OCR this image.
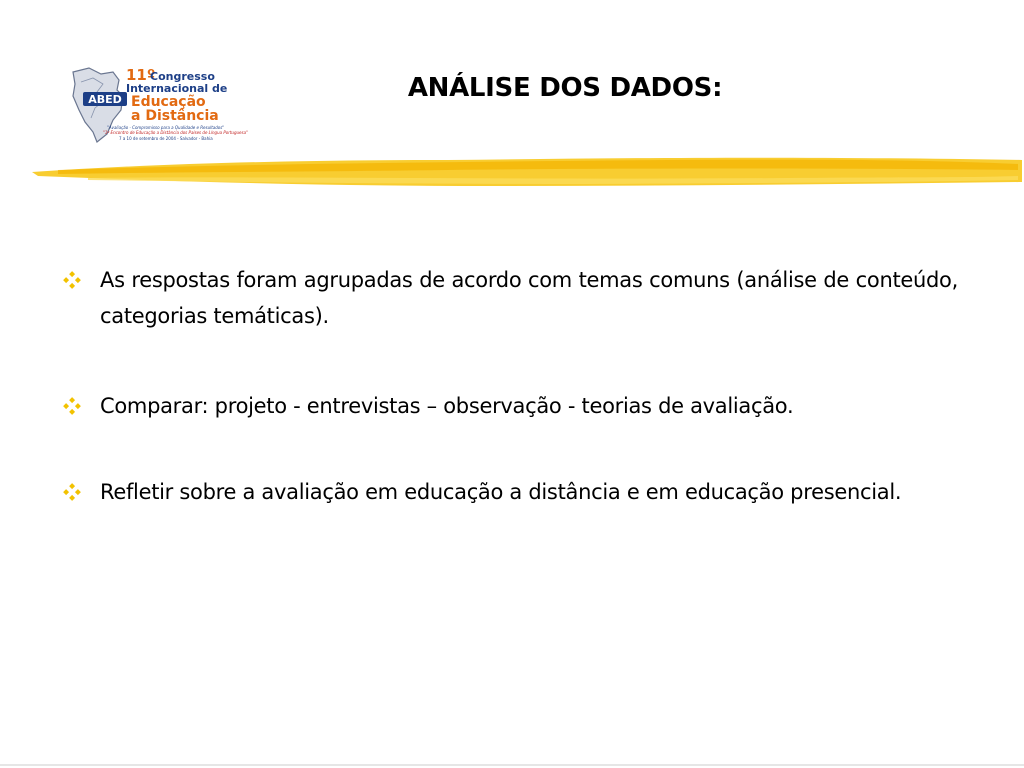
ABED
11º
Congresso
Internacional de
Educação
a Distância
"Avaliação - Compromisso para a Qualidade e Resultados"
"1º Encontro de Educação a Distância dos Países de Língua Portuguesa"
7 a 10 de setembro de 2004 - Salvador - Bahia
ANÁLISE DOS DADOS:
As respostas foram agrupadas de acordo com temas comuns (análise de conteúdo, categorias temáticas).
Comparar: projeto - entrevistas – observação - teorias de avaliação.
Refletir sobre a avaliação em educação a distância e em educação presencial.
